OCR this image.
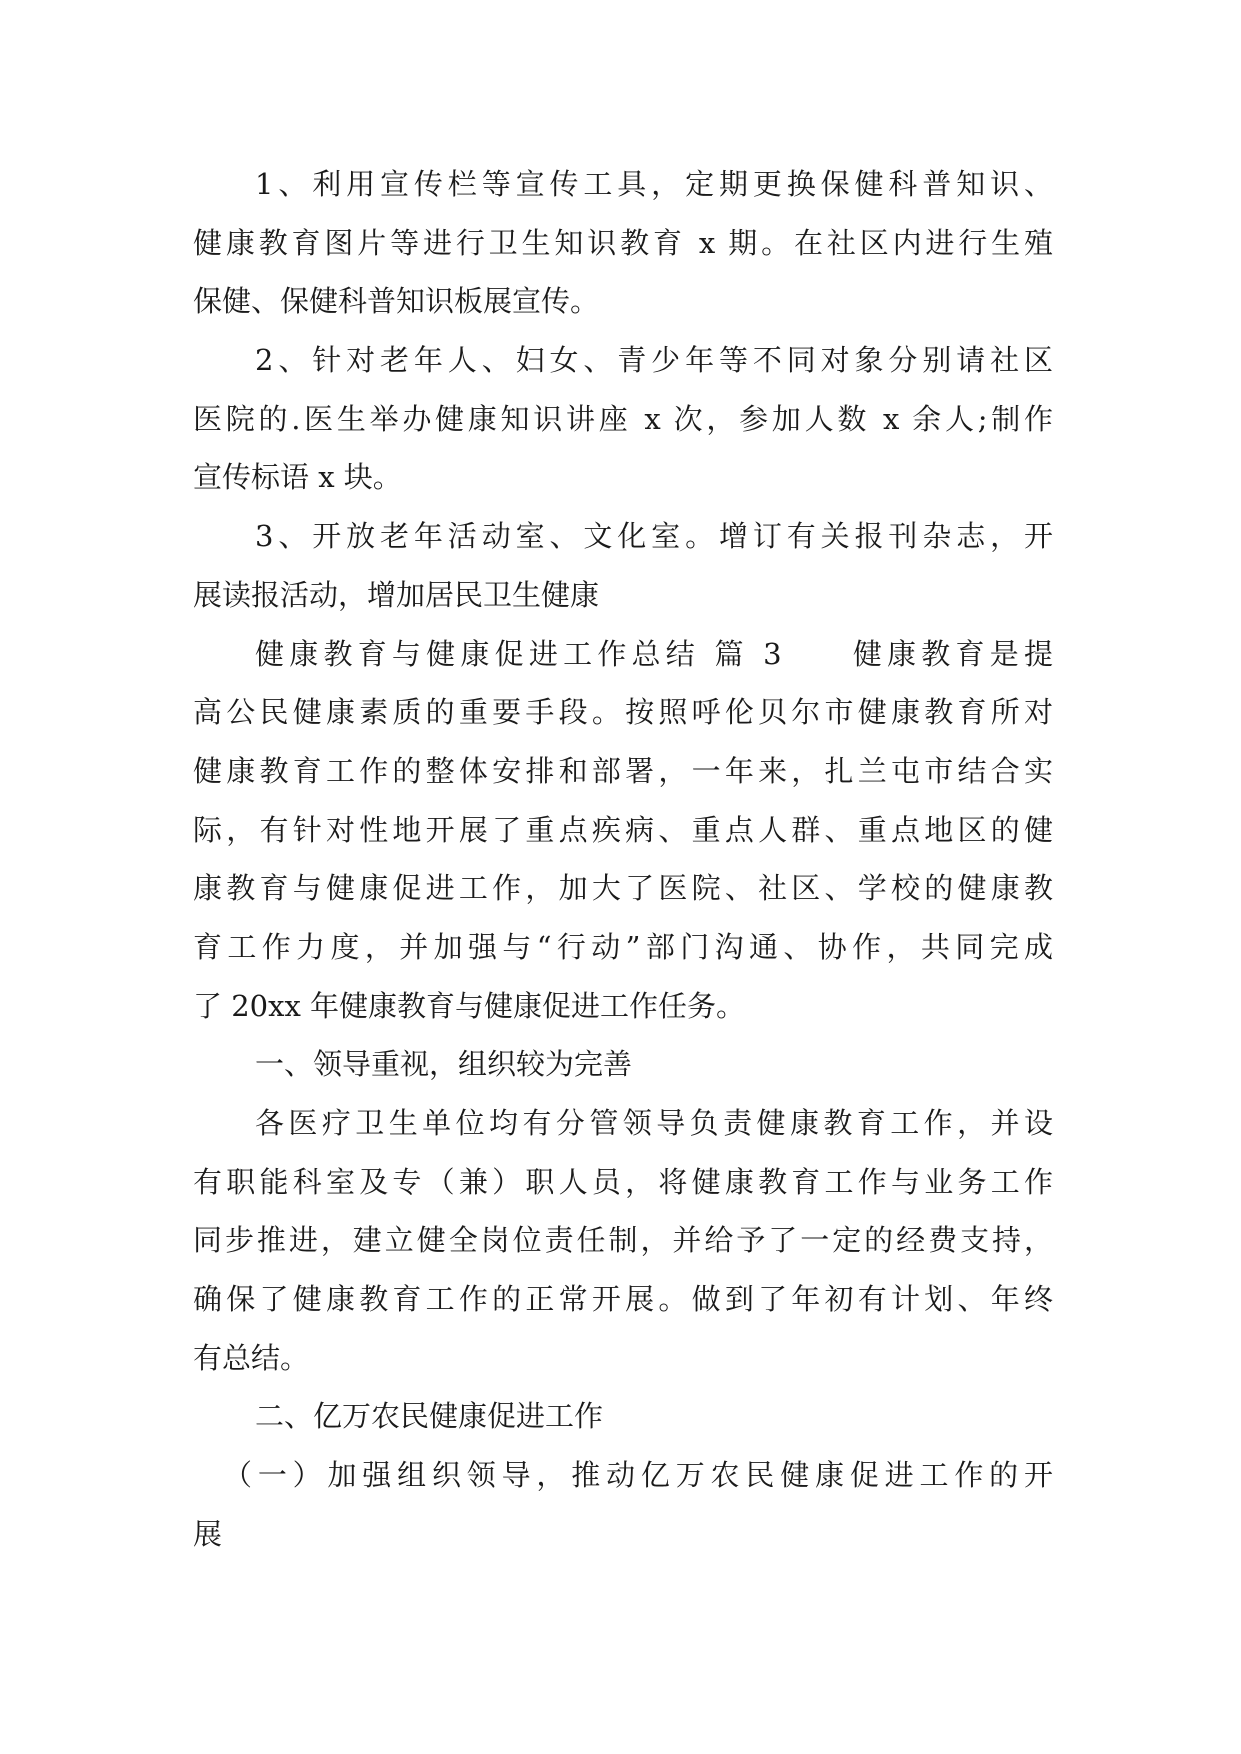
1、利用宣传栏等宣传工具，定期更换保健科普知识、
健康教育图片等进行卫生知识教育 x 期。在社区内进行生殖
保健、保健科普知识板展宣传。
2、针对老年人、妇女、青少年等不同对象分别请社区
医院的.医生举办健康知识讲座 x 次，参加人数 x 余人;制作
宣传标语 x 块。
3、开放老年活动室、文化室。增订有关报刊杂志，开
展读报活动，增加居民卫生健康
健康教育与健康促进工作总结 篇 3 健康教育是提
高公民健康素质的重要手段。按照呼伦贝尔市健康教育所对
健康教育工作的整体安排和部署，一年来，扎兰屯市结合实
际，有针对性地开展了重点疾病、重点人群、重点地区的健
康教育与健康促进工作，加大了医院、社区、学校的健康教
育工作力度，并加强与“行动”部门沟通、协作，共同完成
了 20xx 年健康教育与健康促进工作任务。
一、领导重视，组织较为完善
各医疗卫生单位均有分管领导负责健康教育工作，并设
有职能科室及专（兼）职人员，将健康教育工作与业务工作
同步推进，建立健全岗位责任制，并给予了一定的经费支持，
确保了健康教育工作的正常开展。做到了年初有计划、年终
有总结。
二、亿万农民健康促进工作
（一）加强组织领导，推动亿万农民健康促进工作的开
展
